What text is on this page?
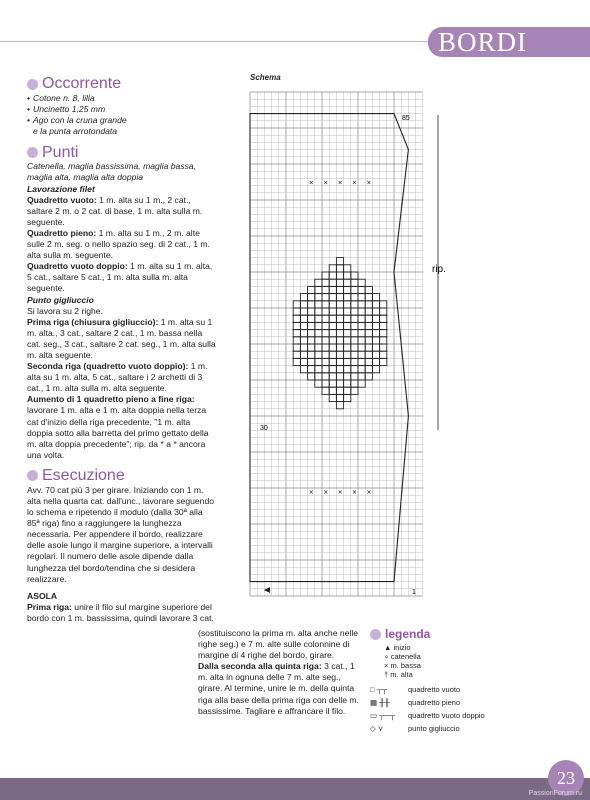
BORDI
Occorrente
• Cotone n. 8, lilla
• Uncinetto 1,25 mm
• Ago con la cruna grande
e la punta arrotondata
Punti

Catenella, maglia bassissima, maglia bassa, maglia alta, maglia alta doppia

Lavorazione filet

Quadretto vuoto: 1 m. alta su 1 m., 2 cat., saltare 2 m. o 2 cat. di base, 1 m. alta sulla m. seguente.

Quadretto pieno: 1 m. alta su 1 m., 2 m. alte sulle 2 m. seg. o nello spazio seg. di 2 cat., 1 m. alta sulla m. seguente.

Quadretto vuoto doppio: 1 m. alta su 1 m. alta, 5 cat., saltare 5 cat., 1 m. alta sulla m. alta seguente.

Punto gigliuccio

Si lavora su 2 righe.

Prima riga (chiusura gigliuccio): 1 m. alta su 1 m. alta., 3 cat., saltare 2 cat., 1 m. bassa nella cat. seg., 3 cat., saltare 2 cat. seg., 1 m. alta sulla m. alta seguente.

Seconda riga (quadretto vuoto doppio): 1 m. alta su 1 m. alta, 5 cat., saltare i 2 archetti di 3 cat., 1 m. alta sulla m. alta seguente.

Aumento di 1 quadretto pieno a fine riga: lavorare 1 m. alta e 1 m. alta doppia nella terza cat d'inizio della riga precedente, "1 m. alta doppia sotto alla barretta del primo gettato della m. alta doppia precedente"; rip. da * a * ancora una volta.

Esecuzione

Avv. 70 cat più 3 per girare. Iniziando con 1 m. alta nella quarta cat. dall'unc., lavorare seguendo lo schema e ripetendo il modulo (dalla 30ª alla 85ª riga) fino a raggiungere la lunghezza necessaria. Per appendere il bordo, realizzare delle asole lungo il margine superiore, a intervalli regolari. Il numero delle asole dipende dalla lunghezza del bordo/tendina che si desidera realizzare.

ASOLA

Prima riga: unire il filo sul margine superiore del bordo con 1 m. bassissima, quindi lavorare 3 cat.

(sostituiscono la prima m. alta anche nelle righe seg.) e 7 m. alte sulle colonnine di margine di 4 righe del bordo, girare.

Dalla seconda alla quinta riga: 3 cat., 1 m. alta in ognuna delle 7 m. alte seg., girare. Al termine, unire le m. della quinta riga alla base della prima riga con delle m. bassissime. Tagliare e affrancare il filo.

Schema
× × × × ×
× × × × ×
85
30
1
rip.
legenda
▲ inizio
∘ catenella
× m. bassa
† m. alta
□ ┬┬	quadretto vuoto
▦ ╫╫ quadretto pieno
▭ ┬─┬ quadretto vuoto doppio
◇ ⋎	punto gigliuccio
23
PassionForum.ru
